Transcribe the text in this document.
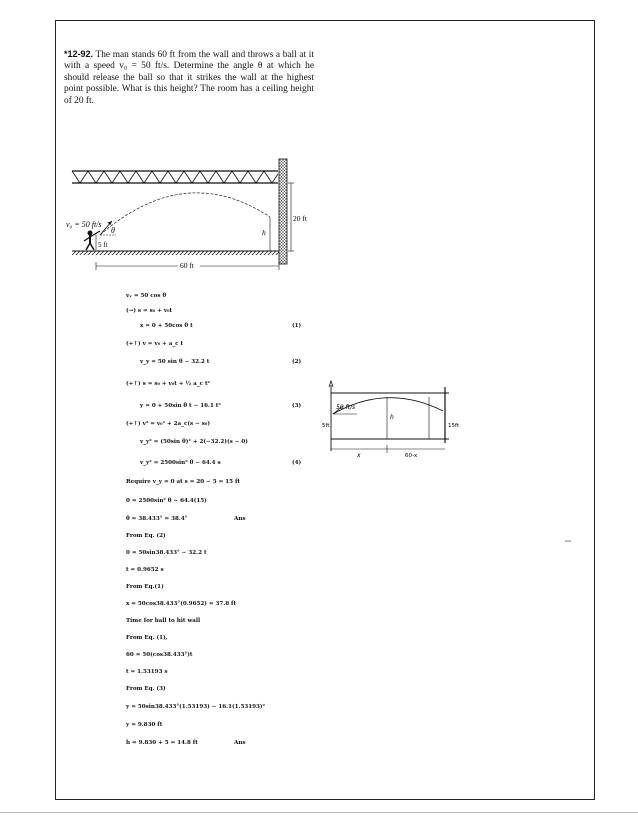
*12-92. The man stands 60 ft from the wall and throws a ball at it with a speed v₀ = 50 ft/s. Determine the angle θ at which he should release the ball so that it strikes the wall at the highest point possible. What is this height? The room has a ceiling height of 20 ft.
v₀ = 50 ft/s
θ
5 ft
h
20 ft
60 ft
vₓ = 50 cos θ
(→) s = s₀ + v₀t
x = 0 + 50cos θ t	(1)
(+↑) v = v₀ + a_c t
v_y = 50 sin θ − 32.2 t	(2)
(+↑) s = s₀ + v₀t + ½ a_c t²
y = 0 + 50sin θ t − 16.1 t²	(3)
(+↑) v² = v₀² + 2a_c(s − s₀)
v_y² = (50sin θ)² + 2(−32.2)(s − 0)
v_y² = 2500sin² θ − 64.4 s	(4)
Require v_y = 0 at s = 20 − 5 = 15 ft
0 = 2500sin² θ − 64.4(15)
θ = 38.433° = 38.4°	Ans
From Eq. (2)
0 = 50sin38.433° − 32.2 t
t = 0.9652 s
From Eq.(1)
x = 50cos38.433°(0.9652) = 37.8 ft
Time for ball to hit wall
From Eq. (1),
60 = 50(cos38.433°)t
t = 1.53193 s
From Eq. (3)
y = 50sin38.433°(1.53193) − 16.1(1.53193)²
y = 9.830 ft
h = 9.830 + 5 = 14.8 ft	Ans
50 ft/s
h
5ft	15ft
x	60-x
